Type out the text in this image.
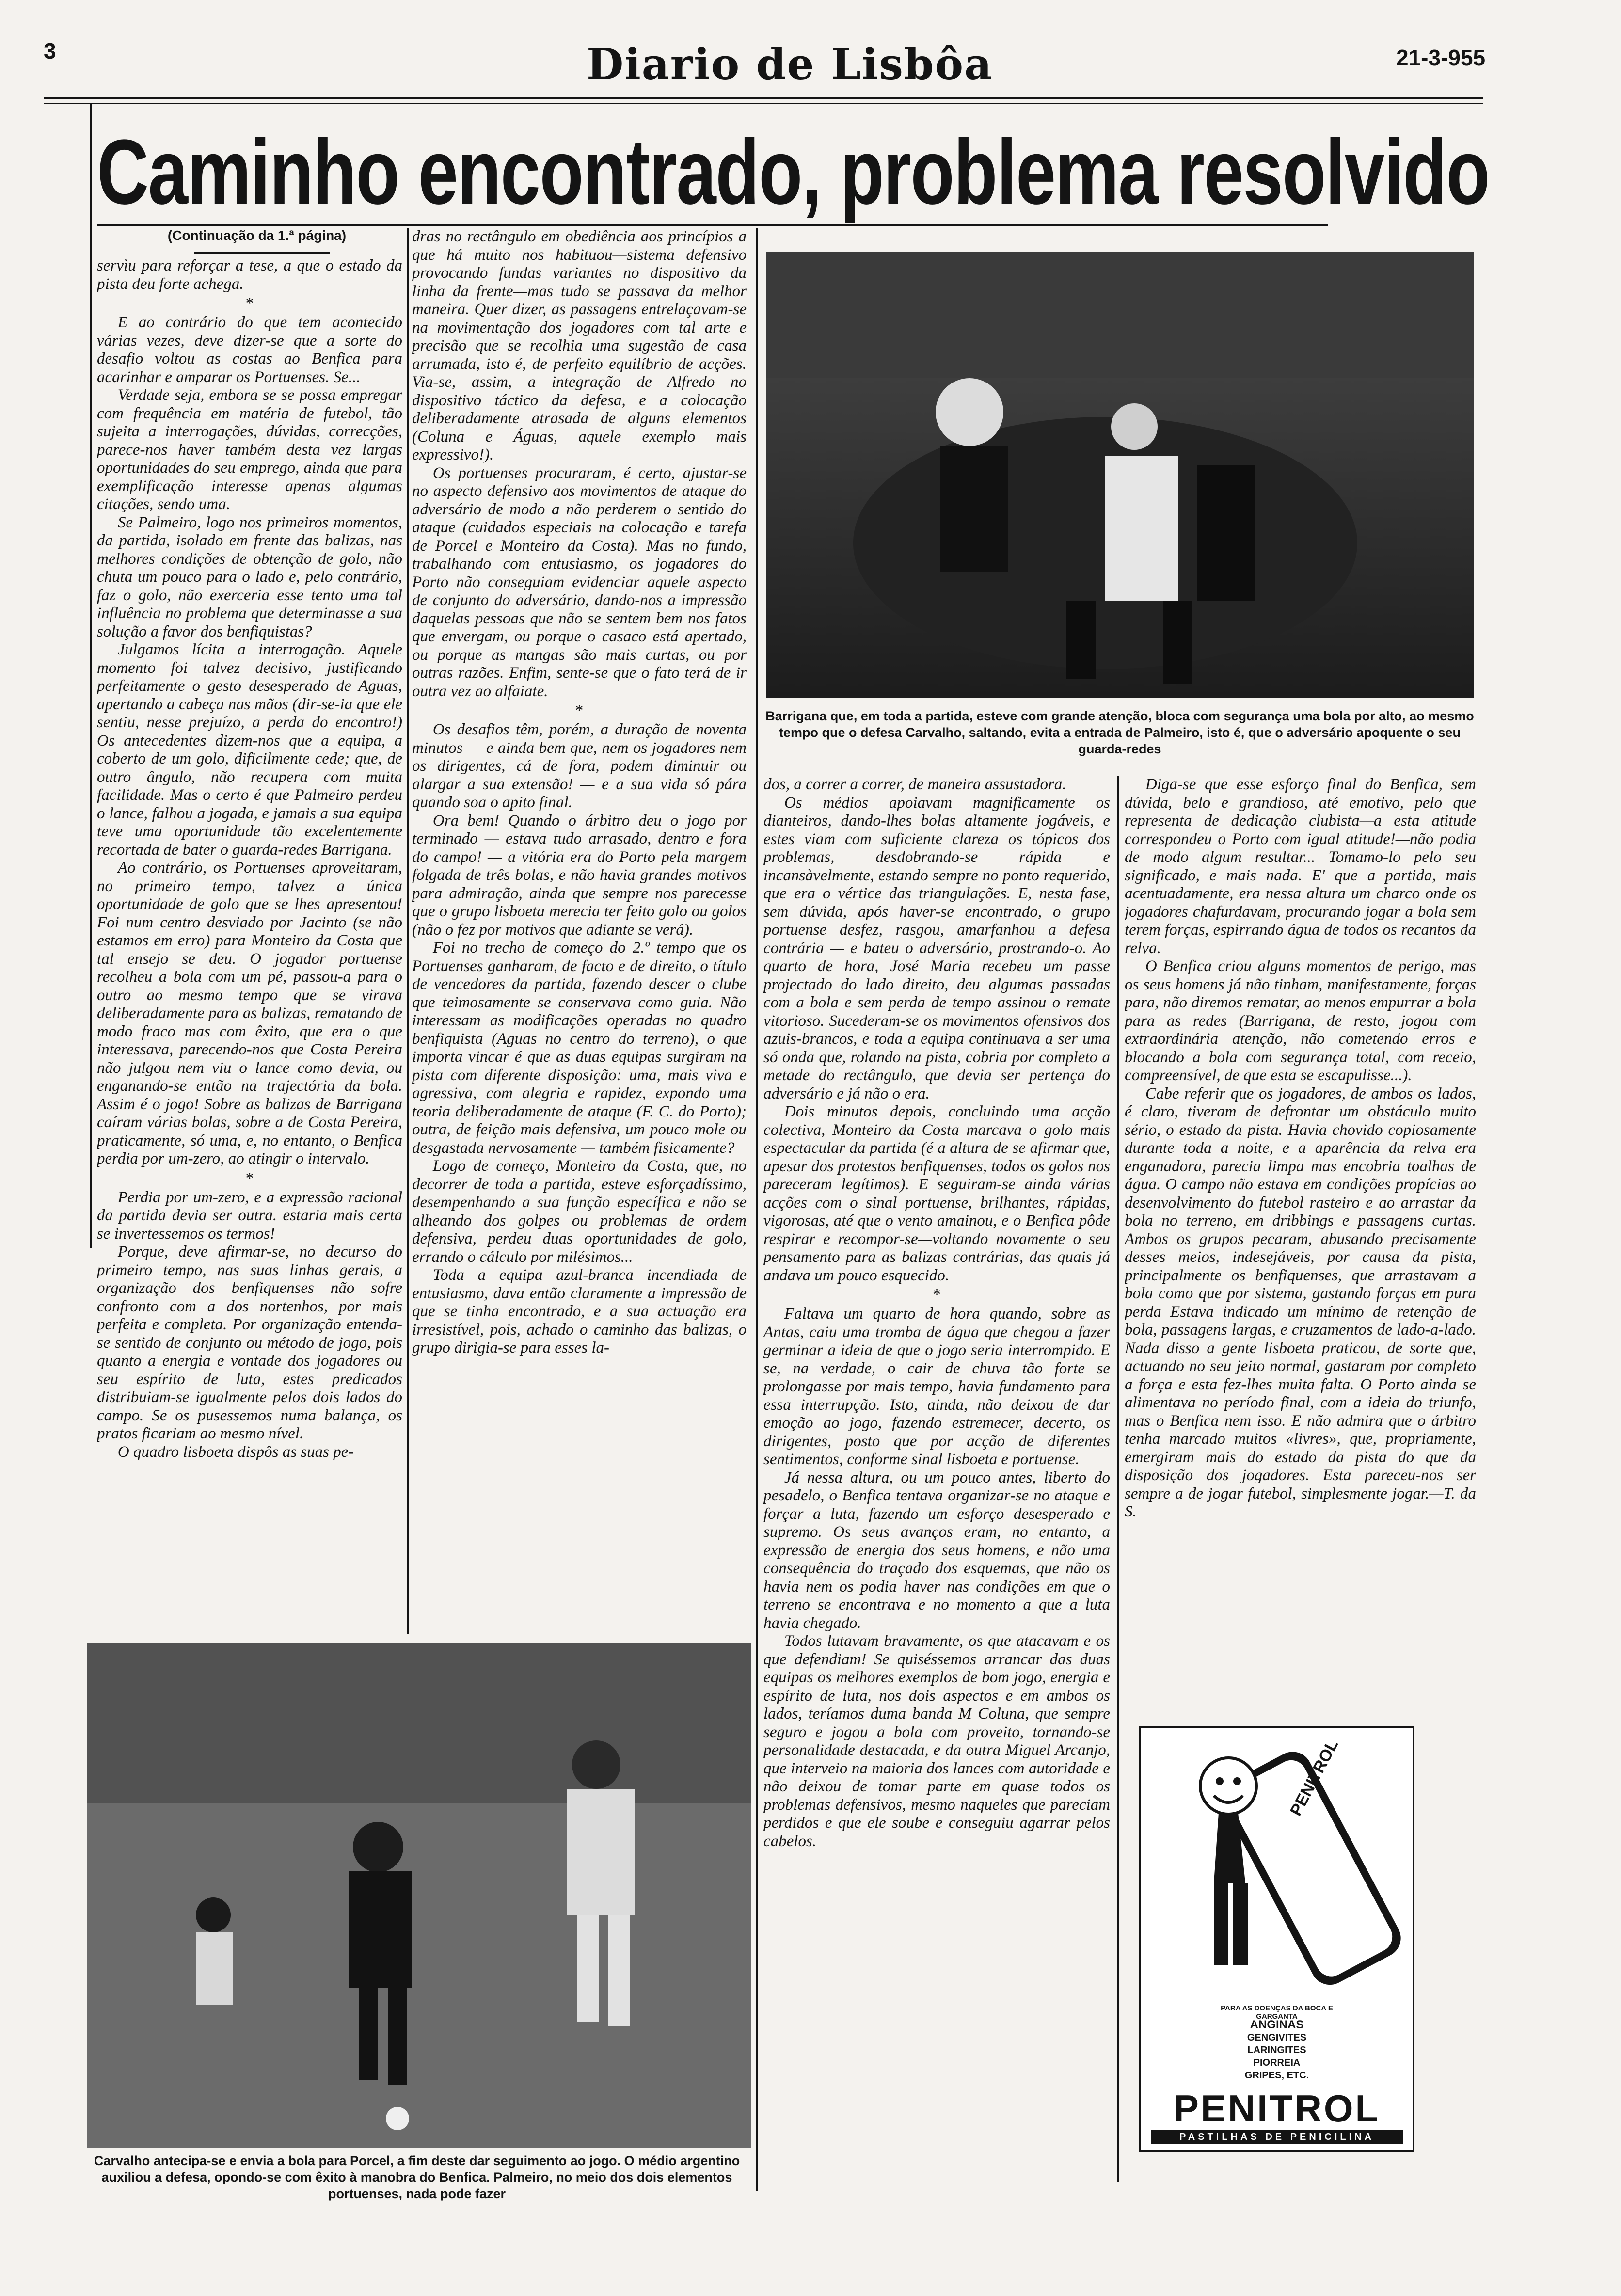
3	Diario de Lisbôa	21-3-955
Caminho encontrado, problema resolvido
(Continuação da 1.ª página)

servìu para reforçar a tese, a que o estado da pista deu forte achega.

*

E ao contrário do que tem acontecido várias vezes, deve dizer-se que a sorte do desafio voltou as costas ao Benfica para acarinhar e amparar os Portuenses. Se...

Verdade seja, embora se se possa empregar com frequência em matéria de futebol, tão sujeita a interrogações, dúvidas, correcções, parece-nos haver também desta vez largas oportunidades do seu emprego, ainda que para exemplificação interesse apenas algumas citações, sendo uma.

Se Palmeiro, logo nos primeiros momentos, da partida, isolado em frente das balizas, nas melhores condições de obtenção de golo, não chuta um pouco para o lado e, pelo contrário, faz o golo, não exerceria esse tento uma tal influência no problema que determinasse a sua solução a favor dos benfiquistas?

Julgamos lícita a interrogação. Aquele momento foi talvez decisivo, justificando perfeitamente o gesto desesperado de Aguas, apertando a cabeça nas mãos (dir-se-ia que ele sentiu, nesse prejuízo, a perda do encontro!) Os antecedentes dizem-nos que a equipa, a coberto de um golo, dificilmente cede; que, de outro ângulo, não recupera com muita facilidade. Mas o certo é que Palmeiro perdeu o lance, falhou a jogada, e jamais a sua equipa teve uma oportunidade tão excelentemente recortada de bater o guarda-redes Barrigana.

Ao contrário, os Portuenses aproveitaram, no primeiro tempo, talvez a única oportunidade de golo que se lhes apresentou! Foi num centro desviado por Jacinto (se não estamos em erro) para Monteiro da Costa que tal ensejo se deu. O jogador portuense recolheu a bola com um pé, passou-a para o outro ao mesmo tempo que se virava deliberadamente para as balizas, rematando de modo fraco mas com êxito, que era o que interessava, parecendo-nos que Costa Pereira não julgou nem viu o lance como devia, ou enganando-se então na trajectória da bola. Assim é o jogo! Sobre as balizas de Barrigana caíram várias bolas, sobre a de Costa Pereira, praticamente, só uma, e, no entanto, o Benfica perdia por um-zero, ao atingir o intervalo.

*

Perdia por um-zero, e a expressão racional da partida devia ser outra. estaria mais certa se invertessemos os termos!

Porque, deve afirmar-se, no decurso do primeiro tempo, nas suas linhas gerais, a organização dos benfiquenses não sofre confronto com a dos nortenhos, por mais perfeita e completa. Por organização entenda-se sentido de conjunto ou método de jogo, pois quanto a energia e vontade dos jogadores ou seu espírito de luta, estes predicados distribuiam-se igualmente pelos dois lados do campo. Se os pusessemos numa balança, os pratos ficariam ao mesmo nível.

O quadro lisboeta dispôs as suas pe-

dras no rectângulo em obediência aos princípios a que há muito nos habituou—sistema defensivo provocando fundas variantes no dispositivo da linha da frente—mas tudo se passava da melhor maneira. Quer dizer, as passagens entrelaçavam-se na movimentação dos jogadores com tal arte e precisão que se recolhia uma sugestão de casa arrumada, isto é, de perfeito equilíbrio de acções. Via-se, assim, a integração de Alfredo no dispositivo táctico da defesa, e a colocação deliberadamente atrasada de alguns elementos (Coluna e Águas, aquele exemplo mais expressivo!).

Os portuenses procuraram, é certo, ajustar-se no aspecto defensivo aos movimentos de ataque do adversário de modo a não perderem o sentido do ataque (cuidados especiais na colocação e tarefa de Porcel e Monteiro da Costa). Mas no fundo, trabalhando com entusiasmo, os jogadores do Porto não conseguiam evidenciar aquele aspecto de conjunto do adversário, dando-nos a impressão daquelas pessoas que não se sentem bem nos fatos que envergam, ou porque o casaco está apertado, ou porque as mangas são mais curtas, ou por outras razões. Enfim, sente-se que o fato terá de ir outra vez ao alfaiate.

*

Os desafios têm, porém, a duração de noventa minutos — e ainda bem que, nem os jogadores nem os dirigentes, cá de fora, podem diminuir ou alargar a sua extensão! — e a sua vida só pára quando soa o apito final.

Ora bem! Quando o árbitro deu o jogo por terminado — estava tudo arrasado, dentro e fora do campo! — a vitória era do Porto pela margem folgada de três bolas, e não havia grandes motivos para admiração, ainda que sempre nos parecesse que o grupo lisboeta merecia ter feito golo ou golos (não o fez por motivos que adiante se verá).

Foi no trecho de começo do 2.º tempo que os Portuenses ganharam, de facto e de direito, o título de vencedores da partida, fazendo descer o clube que teimosamente se conservava como guia. Não interessam as modificações operadas no quadro benfiquista (Aguas no centro do terreno), o que importa vincar é que as duas equipas surgiram na pista com diferente disposição: uma, mais viva e agressiva, com alegria e rapidez, expondo uma teoria deliberadamente de ataque (F. C. do Porto); outra, de feição mais defensiva, um pouco mole ou desgastada nervosamente — também fisicamente?

Logo de começo, Monteiro da Costa, que, no decorrer de toda a partida, esteve esforçadíssimo, desempenhando a sua função específica e não se alheando dos golpes ou problemas de ordem defensiva, perdeu duas oportunidades de golo, errando o cálculo por milésimos...

Toda a equipa azul-branca incendiada de entusiasmo, dava então claramente a impressão de que se tinha encontrado, e a sua actuação era irresistível, pois, achado o caminho das balizas, o grupo dirigia-se para esses la-

Barrigana que, em toda a partida, esteve com grande atenção, bloca com segurança uma bola por alto, ao mesmo tempo que o defesa Carvalho, saltando, evita a entrada de Palmeiro, isto é, que o adversário apoquente o seu guarda-redes

dos, a correr a correr, de maneira assustadora.

Os médios apoiavam magnificamente os dianteiros, dando-lhes bolas altamente jogáveis, e estes viam com suficiente clareza os tópicos dos problemas, desdobrando-se rápida e incansàvelmente, estando sempre no ponto requerido, que era o vértice das triangulações. E, nesta fase, sem dúvida, após haver-se encontrado, o grupo portuense desfez, rasgou, amarfanhou a defesa contrária — e bateu o adversário, prostrando-o. Ao quarto de hora, José Maria recebeu um passe projectado do lado direito, deu algumas passadas com a bola e sem perda de tempo assinou o remate vitorioso. Sucederam-se os movimentos ofensivos dos azuis-brancos, e toda a equipa continuava a ser uma só onda que, rolando na pista, cobria por completo a metade do rectângulo, que devia ser pertença do adversário e já não o era.

Dois minutos depois, concluindo uma acção colectiva, Monteiro da Costa marcava o golo mais espectacular da partida (é a altura de se afirmar que, apesar dos protestos benfiquenses, todos os golos nos pareceram legítimos). E seguiram-se ainda várias acções com o sinal portuense, brilhantes, rápidas, vigorosas, até que o vento amainou, e o Benfica pôde respirar e recompor-se—voltando novamente o seu pensamento para as balizas contrárias, das quais já andava um pouco esquecido.

*

Faltava um quarto de hora quando, sobre as Antas, caiu uma tromba de água que chegou a fazer germinar a ideia de que o jogo seria interrompido. E se, na verdade, o cair de chuva tão forte se prolongasse por mais tempo, havia fundamento para essa interrupção. Isto, ainda, não deixou de dar emoção ao jogo, fazendo estremecer, decerto, os dirigentes, posto que por acção de diferentes sentimentos, conforme sinal lisboeta e portuense.

Já nessa altura, ou um pouco antes, liberto do pesadelo, o Benfica tentava organizar-se no ataque e forçar a luta, fazendo um esforço desesperado e supremo. Os seus avanços eram, no entanto, a expressão de energia dos seus homens, e não uma consequência do traçado dos esquemas, que não os havia nem os podia haver nas condições em que o terreno se encontrava e no momento a que a luta havia chegado.

Todos lutavam bravamente, os que atacavam e os que defendiam! Se quiséssemos arrancar das duas equipas os melhores exemplos de bom jogo, energia e espírito de luta, nos dois aspectos e em ambos os lados, teríamos duma banda M Coluna, que sempre seguro e jogou a bola com proveito, tornando-se personalidade destacada, e da outra Miguel Arcanjo, que interveio na maioria dos lances com autoridade e não deixou de tomar parte em quase todos os problemas defensivos, mesmo naqueles que pareciam perdidos e que ele soube e conseguiu agarrar pelos cabelos.

Diga-se que esse esforço final do Benfica, sem dúvida, belo e grandioso, até emotivo, pelo que representa de dedicação clubista—a esta atitude correspondeu o Porto com igual atitude!—não podia de modo algum resultar... Tomamo-lo pelo seu significado, e mais nada. E' que a partida, mais acentuadamente, era nessa altura um charco onde os jogadores chafurdavam, procurando jogar a bola sem terem forças, espirrando água de todos os recantos da relva.

O Benfica criou alguns momentos de perigo, mas os seus homens já não tinham, manifestamente, forças para, não diremos rematar, ao menos empurrar a bola para as redes (Barrigana, de resto, jogou com extraordinária atenção, não cometendo erros e blocando a bola com segurança total, com receio, compreensível, de que esta se escapulisse...).

Cabe referir que os jogadores, de ambos os lados, é claro, tiveram de defrontar um obstáculo muito sério, o estado da pista. Havia chovido copiosamente durante toda a noite, e a aparência da relva era enganadora, parecia limpa mas encobria toalhas de água. O campo não estava em condições propícias ao desenvolvimento do futebol rasteiro e ao arrastar da bola no terreno, em dribbings e passagens curtas. Ambos os grupos pecaram, abusando precisamente desses meios, indesejáveis, por causa da pista, principalmente os benfiquenses, que arrastavam a bola como que por sistema, gastando forças em pura perda Estava indicado um mínimo de retenção de bola, passagens largas, e cruzamentos de lado-a-lado. Nada disso a gente lisboeta praticou, de sorte que, actuando no seu jeito normal, gastaram por completo a força e esta fez-lhes muita falta. O Porto ainda se alimentava no período final, com a ideia do triunfo, mas o Benfica nem isso. E não admira que o árbitro tenha marcado muitos «livres», que, propriamente, emergiram mais do estado da pista do que da disposição dos jogadores. Esta pareceu-nos ser sempre a de jogar futebol, simplesmente jogar.—T. da S.

Carvalho antecipa-se e envia a bola para Porcel, a fim deste dar seguimento ao jogo. O médio argentino auxiliou a defesa, opondo-se com êxito à manobra do Benfica. Palmeiro, no meio dos dois elementos portuenses, nada pode fazer
PENITROL
PARA AS DOENÇAS DA BOCA E GARGANTA
ANGINAS
GENGIVITES
LARINGITES
PIORREIA
GRIPES, ETC.
PENITROL
PASTILHAS DE PENICILINA
